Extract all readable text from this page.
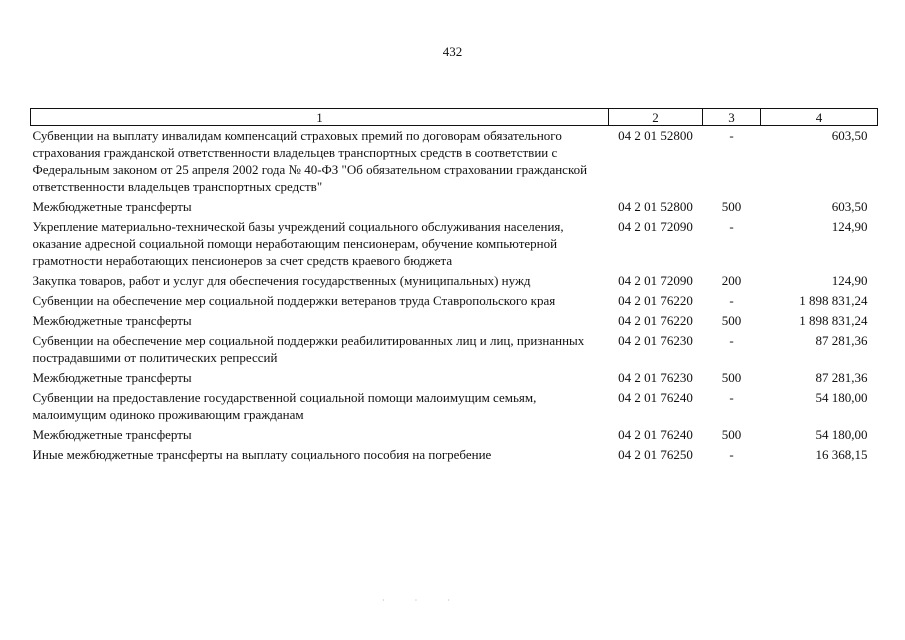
432
1	2	3	4
Субвенции на выплату инвалидам компенсаций страховых премий по договорам обязательного страхования гражданской ответственности владельцев транспортных средств в соответствии с Федеральным законом от 25 апреля 2002 года № 40-ФЗ "Об обязательном страховании гражданской ответственности владельцев транспортных средств"	04 2 01 52800	-	603,50
Межбюджетные трансферты	04 2 01 52800	500	603,50
Укрепление материально-технической базы учреждений социального обслуживания населения, оказание адресной социальной помощи неработающим пенсионерам, обучение компьютерной грамотности неработающих пенсионеров за счет средств краевого бюджета	04 2 01 72090	-	124,90
Закупка товаров, работ и услуг для обеспечения государственных (муниципальных) нужд	04 2 01 72090	200	124,90
Субвенции на обеспечение мер социальной поддержки ветеранов труда Ставропольского края	04 2 01 76220	-	1 898 831,24
Межбюджетные трансферты	04 2 01 76220	500	1 898 831,24
Субвенции на обеспечение мер социальной поддержки реабилитированных лиц и лиц, признанных пострадавшими от политических репрессий	04 2 01 76230	-	87 281,36
Межбюджетные трансферты	04 2 01 76230	500	87 281,36
Субвенции на предоставление государственной социальной помощи малоимущим семьям, малоимущим одиноко проживающим гражданам	04 2 01 76240	-	54 180,00
Межбюджетные трансферты	04 2 01 76240	500	54 180,00
Иные межбюджетные трансферты на выплату социального пособия на погребение	04 2 01 76250	-	16 368,15
· · ·
